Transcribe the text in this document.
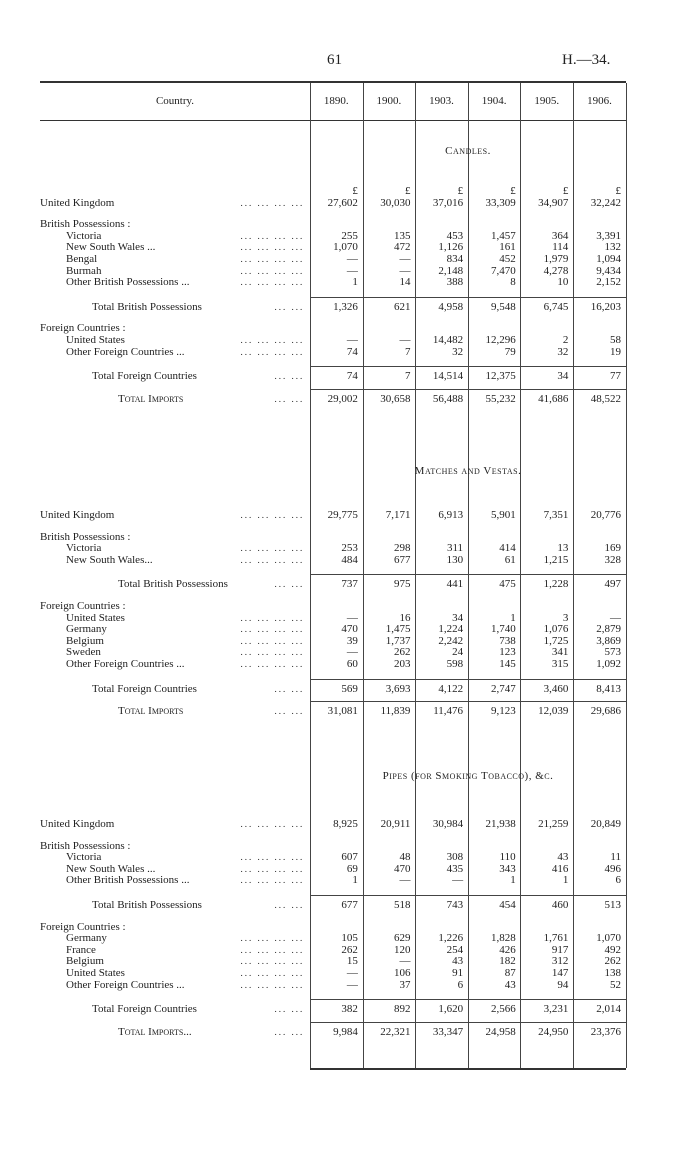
61	H.—34.
Country.	1890.	1900.	1903.	1904.	1905.	1906.
Candles.
	£	£	£	£	£	£
United Kingdom ... ... ... ...	27,602	30,030	37,016	33,309	34,907	32,242

British Possessions :						
Victoria ... ... ... ...	255	135	453	1,457	364	3,391
New South Wales ... ... ... ... ...	1,070	472	1,126	161	114	132
Bengal ... ... ... ...	—	—	834	452	1,979	1,094
Burmah ... ... ... ...	—	—	2,148	7,470	4,278	9,434
Other British Possessions ... ... ... ... ...	1	14	388	8	10	2,152

Total British Possessions ... ...	1,326	621	4,958	9,548	6,745	16,203

Foreign Countries :						
United States ... ... ... ...	—	—	14,482	12,296	2	58
Other Foreign Countries ... ... ... ... ...	74	7	32	79	32	19

Total Foreign Countries ... ...	74	7	14,514	12,375	34	77

Total Imports ... ...	29,002	30,658	56,488	55,232	41,686	48,522
Matches and Vestas.
United Kingdom ... ... ... ...	29,775	7,171	6,913	5,901	7,351	20,776

British Possessions :						
Victoria ... ... ... ...	253	298	311	414	13	169
New South Wales... ... ... ... ...	484	677	130	61	1,215	328

Total British Possessions ... ...	737	975	441	475	1,228	497

Foreign Countries :						
United States ... ... ... ...	—	16	34	1	3	—
Germany ... ... ... ...	470	1,475	1,224	1,740	1,076	2,879
Belgium ... ... ... ...	39	1,737	2,242	738	1,725	3,869
Sweden ... ... ... ...	—	262	24	123	341	573
Other Foreign Countries ... ... ... ... ...	60	203	598	145	315	1,092

Total Foreign Countries ... ...	569	3,693	4,122	2,747	3,460	8,413

Total Imports ... ...	31,081	11,839	11,476	9,123	12,039	29,686
Pipes (for Smoking Tobacco), &c.
United Kingdom ... ... ... ...	8,925	20,911	30,984	21,938	21,259	20,849

British Possessions :						
Victoria ... ... ... ...	607	48	308	110	43	11
New South Wales ... ... ... ... ...	69	470	435	343	416	496
Other British Possessions ... ... ... ... ...	1	—	—	1	1	6

Total British Possessions ... ...	677	518	743	454	460	513

Foreign Countries :						
Germany ... ... ... ...	105	629	1,226	1,828	1,761	1,070
France ... ... ... ...	262	120	254	426	917	492
Belgium ... ... ... ...	15	—	43	182	312	262
United States ... ... ... ...	—	106	91	87	147	138
Other Foreign Countries ... ... ... ... ...	—	37	6	43	94	52

Total Foreign Countries ... ...	382	892	1,620	2,566	3,231	2,014

Total Imports... ... ...	9,984	22,321	33,347	24,958	24,950	23,376
